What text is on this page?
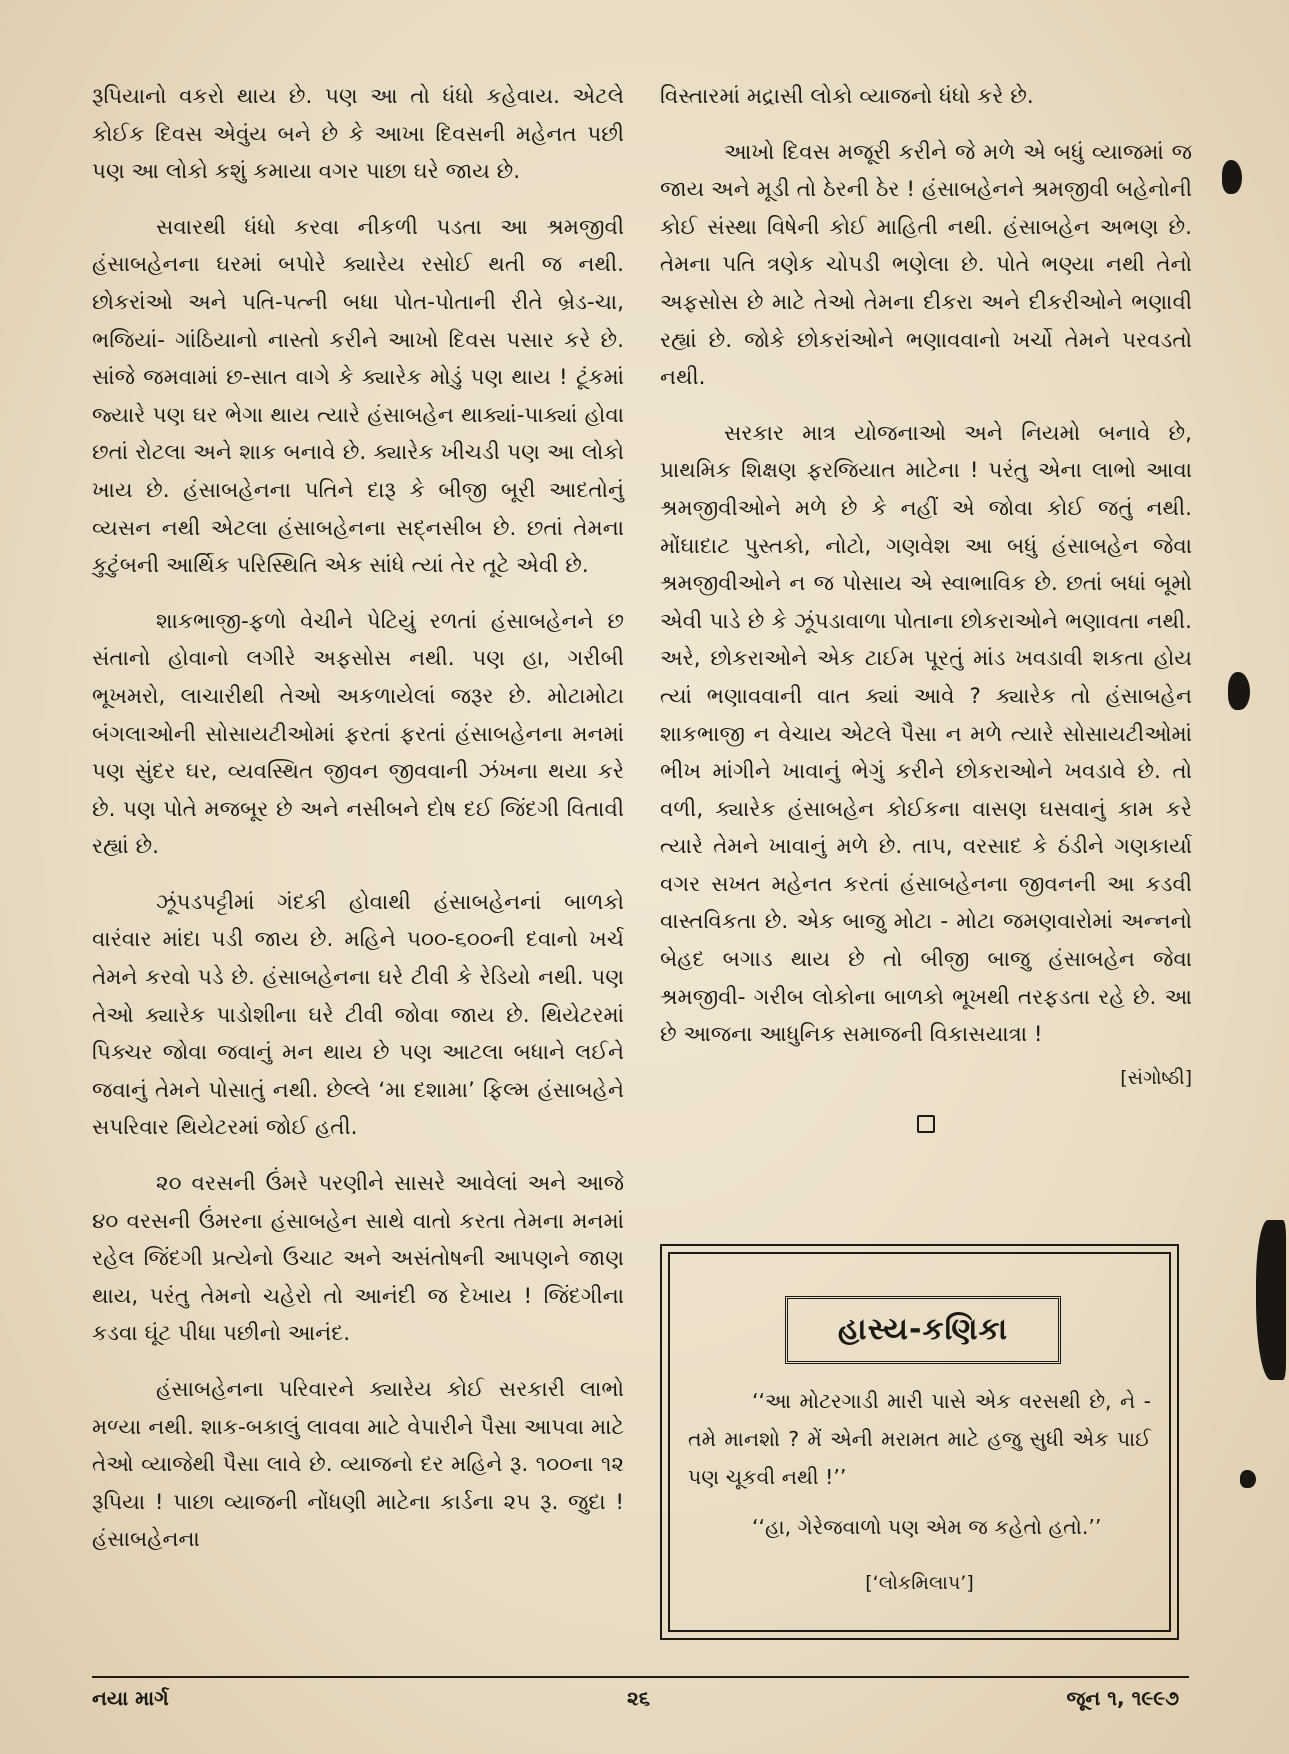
રૂપિયાનો વકરો થાય છે. પણ આ તો ધંધો કહેવાય. એટલે કોઈક દિવસ એવુંય બને છે કે આખા દિવસની મહેનત પછી પણ આ લોકો કશું કમાયા વગર પાછા ઘરે જાય છે.

સવારથી ધંધો કરવા નીકળી પડતા આ શ્રમજીવી હંસાબહેનના ઘરમાં બપોરે ક્યારેય રસોઈ થતી જ નથી. છોકરાંઓ અને પતિ-પત્ની બધા પોત-પોતાની રીતે બ્રેડ-ચા, ભજિયાં- ગાંઠિયાનો નાસ્તો કરીને આખો દિવસ પસાર કરે છે. સાંજે જમવામાં છ-સાત વાગે કે ક્યારેક મોડું પણ થાય ! ટૂંકમાં જ્યારે પણ ઘર ભેગા થાય ત્યારે હંસાબહેન થાક્યાં-પાક્યાં હોવા છતાં રોટલા અને શાક બનાવે છે. ક્યારેક ખીચડી પણ આ લોકો ખાય છે. હંસાબહેનના પતિને દારૂ કે બીજી બૂરી આદતોનું વ્યસન નથી એટલા હંસાબહેનના સદ્નસીબ છે. છતાં તેમના કુટુંબની આર્થિક પરિસ્થિતિ એક સાંધે ત્યાં તેર તૂટે એવી છે.

શાકભાજી-ફળો વેચીને પેટિયું રળતાં હંસાબહેનને છ સંતાનો હોવાનો લગીરે અફસોસ નથી. પણ હા, ગરીબી ભૂખમરો, લાચારીથી તેઓ અકળાયેલાં જરૂર છે. મોટામોટા બંગલાઓની સોસાયટીઓમાં ફરતાં ફરતાં હંસાબહેનના મનમાં પણ સુંદર ઘર, વ્યવસ્થિત જીવન જીવવાની ઝંખના થયા કરે છે. પણ પોતે મજબૂર છે અને નસીબને દોષ દઈ જિંદગી વિતાવી રહ્યાં છે.

ઝૂંપડપટ્ટીમાં ગંદકી હોવાથી હંસાબહેનનાં બાળકો વારંવાર માંદા પડી જાય છે. મહિને ૫૦૦-૬૦૦ની દવાનો ખર્ચ તેમને કરવો પડે છે. હંસાબહેનના ઘરે ટીવી કે રેડિયો નથી. પણ તેઓ ક્યારેક પાડોશીના ઘરે ટીવી જોવા જાય છે. થિયેટરમાં પિક્ચર જોવા જવાનું મન થાય છે પણ આટલા બધાને લઈને જવાનું તેમને પોસાતું નથી. છેલ્લે ‘મા દશામા’ ફિલ્મ હંસાબહેને સપરિવાર થિયેટરમાં જોઈ હતી.

૨૦ વરસની ઉંમરે પરણીને સાસરે આવેલાં અને આજે ૪૦ વરસની ઉંમરના હંસાબહેન સાથે વાતો કરતા તેમના મનમાં રહેલ જિંદગી પ્રત્યેનો ઉચાટ અને અસંતોષની આપણને જાણ થાય, પરંતુ તેમનો ચહેરો તો આનંદી જ દેખાય ! જિંદગીના કડવા ઘૂંટ પીધા પછીનો આનંદ.

હંસાબહેનના પરિવારને ક્યારેય કોઈ સરકારી લાભો મળ્યા નથી. શાક-બકાલું લાવવા માટે વેપારીને પૈસા આપવા માટે તેઓ વ્યાજેથી પૈસા લાવે છે. વ્યાજનો દર મહિને રૂ. ૧૦૦ના ૧૨ રૂપિયા ! પાછા વ્યાજની નોંધણી માટેના કાર્ડના ૨૫ રૂ. જુદા ! હંસાબહેનના

વિસ્તારમાં મદ્રાસી લોકો વ્યાજનો ધંધો કરે છે.

આખો દિવસ મજૂરી કરીને જે મળે એ બધું વ્યાજમાં જ જાય અને મૂડી તો ઠેરની ઠેર ! હંસાબહેનને શ્રમજીવી બહેનોની કોઈ સંસ્થા વિષેની કોઈ માહિતી નથી. હંસાબહેન અભણ છે. તેમના પતિ ત્રણેક ચોપડી ભણેલા છે. પોતે ભણ્યા નથી તેનો અફસોસ છે માટે તેઓ તેમના દીકરા અને દીકરીઓને ભણાવી રહ્યાં છે. જોકે છોકરાંઓને ભણાવવાનો ખર્ચો તેમને પરવડતો નથી.

સરકાર માત્ર યોજનાઓ અને નિયમો બનાવે છે, પ્રાથમિક શિક્ષણ ફરજિયાત માટેના ! પરંતુ એના લાભો આવા શ્રમજીવીઓને મળે છે કે નહીં એ જોવા કોઈ જતું નથી. મોંઘાદાટ પુસ્તકો, નોટો, ગણવેશ આ બધું હંસાબહેન જેવા શ્રમજીવીઓને ન જ પોસાય એ સ્વાભાવિક છે. છતાં બધાં બૂમો એવી પાડે છે કે ઝૂંપડાવાળા પોતાના છોકરાઓને ભણાવતા નથી. અરે, છોકરાઓને એક ટાઈમ પૂરતું માંડ ખવડાવી શકતા હોય ત્યાં ભણાવવાની વાત ક્યાં આવે ? ક્યારેક તો હંસાબહેન શાકભાજી ન વેચાય એટલે પૈસા ન મળે ત્યારે સોસાયટીઓમાં ભીખ માંગીને ખાવાનું ભેગું કરીને છોકરાઓને ખવડાવે છે. તો વળી, ક્યારેક હંસાબહેન કોઈકના વાસણ ઘસવાનું કામ કરે ત્યારે તેમને ખાવાનું મળે છે. તાપ, વરસાદ કે ઠંડીને ગણકાર્યા વગર સખત મહેનત કરતાં હંસાબહેનના જીવનની આ કડવી વાસ્તવિકતા છે. એક બાજુ મોટા - મોટા જમણવારોમાં અન્નનો બેહદ બગાડ થાય છે તો બીજી બાજુ હંસાબહેન જેવા શ્રમજીવી- ગરીબ લોકોના બાળકો ભૂખથી તરફડતા રહે છે. આ છે આજના આધુનિક સમાજની વિકાસયાત્રા !

[સંગોષ્ઠી]
હાસ્ય-કણિકા

‘‘આ મોટરગાડી મારી પાસે એક વરસથી છે, ને - તમે માનશો ? મેં એની મરામત માટે હજુ સુધી એક પાઈ પણ ચૂકવી નથી !’’

‘‘હા, ગેરેજવાળો પણ એમ જ કહેતો હતો.’’

[‘લોકમિલાપ’]
નયા માર્ગ	૨૬	જૂન ૧, ૧૯૯૭
